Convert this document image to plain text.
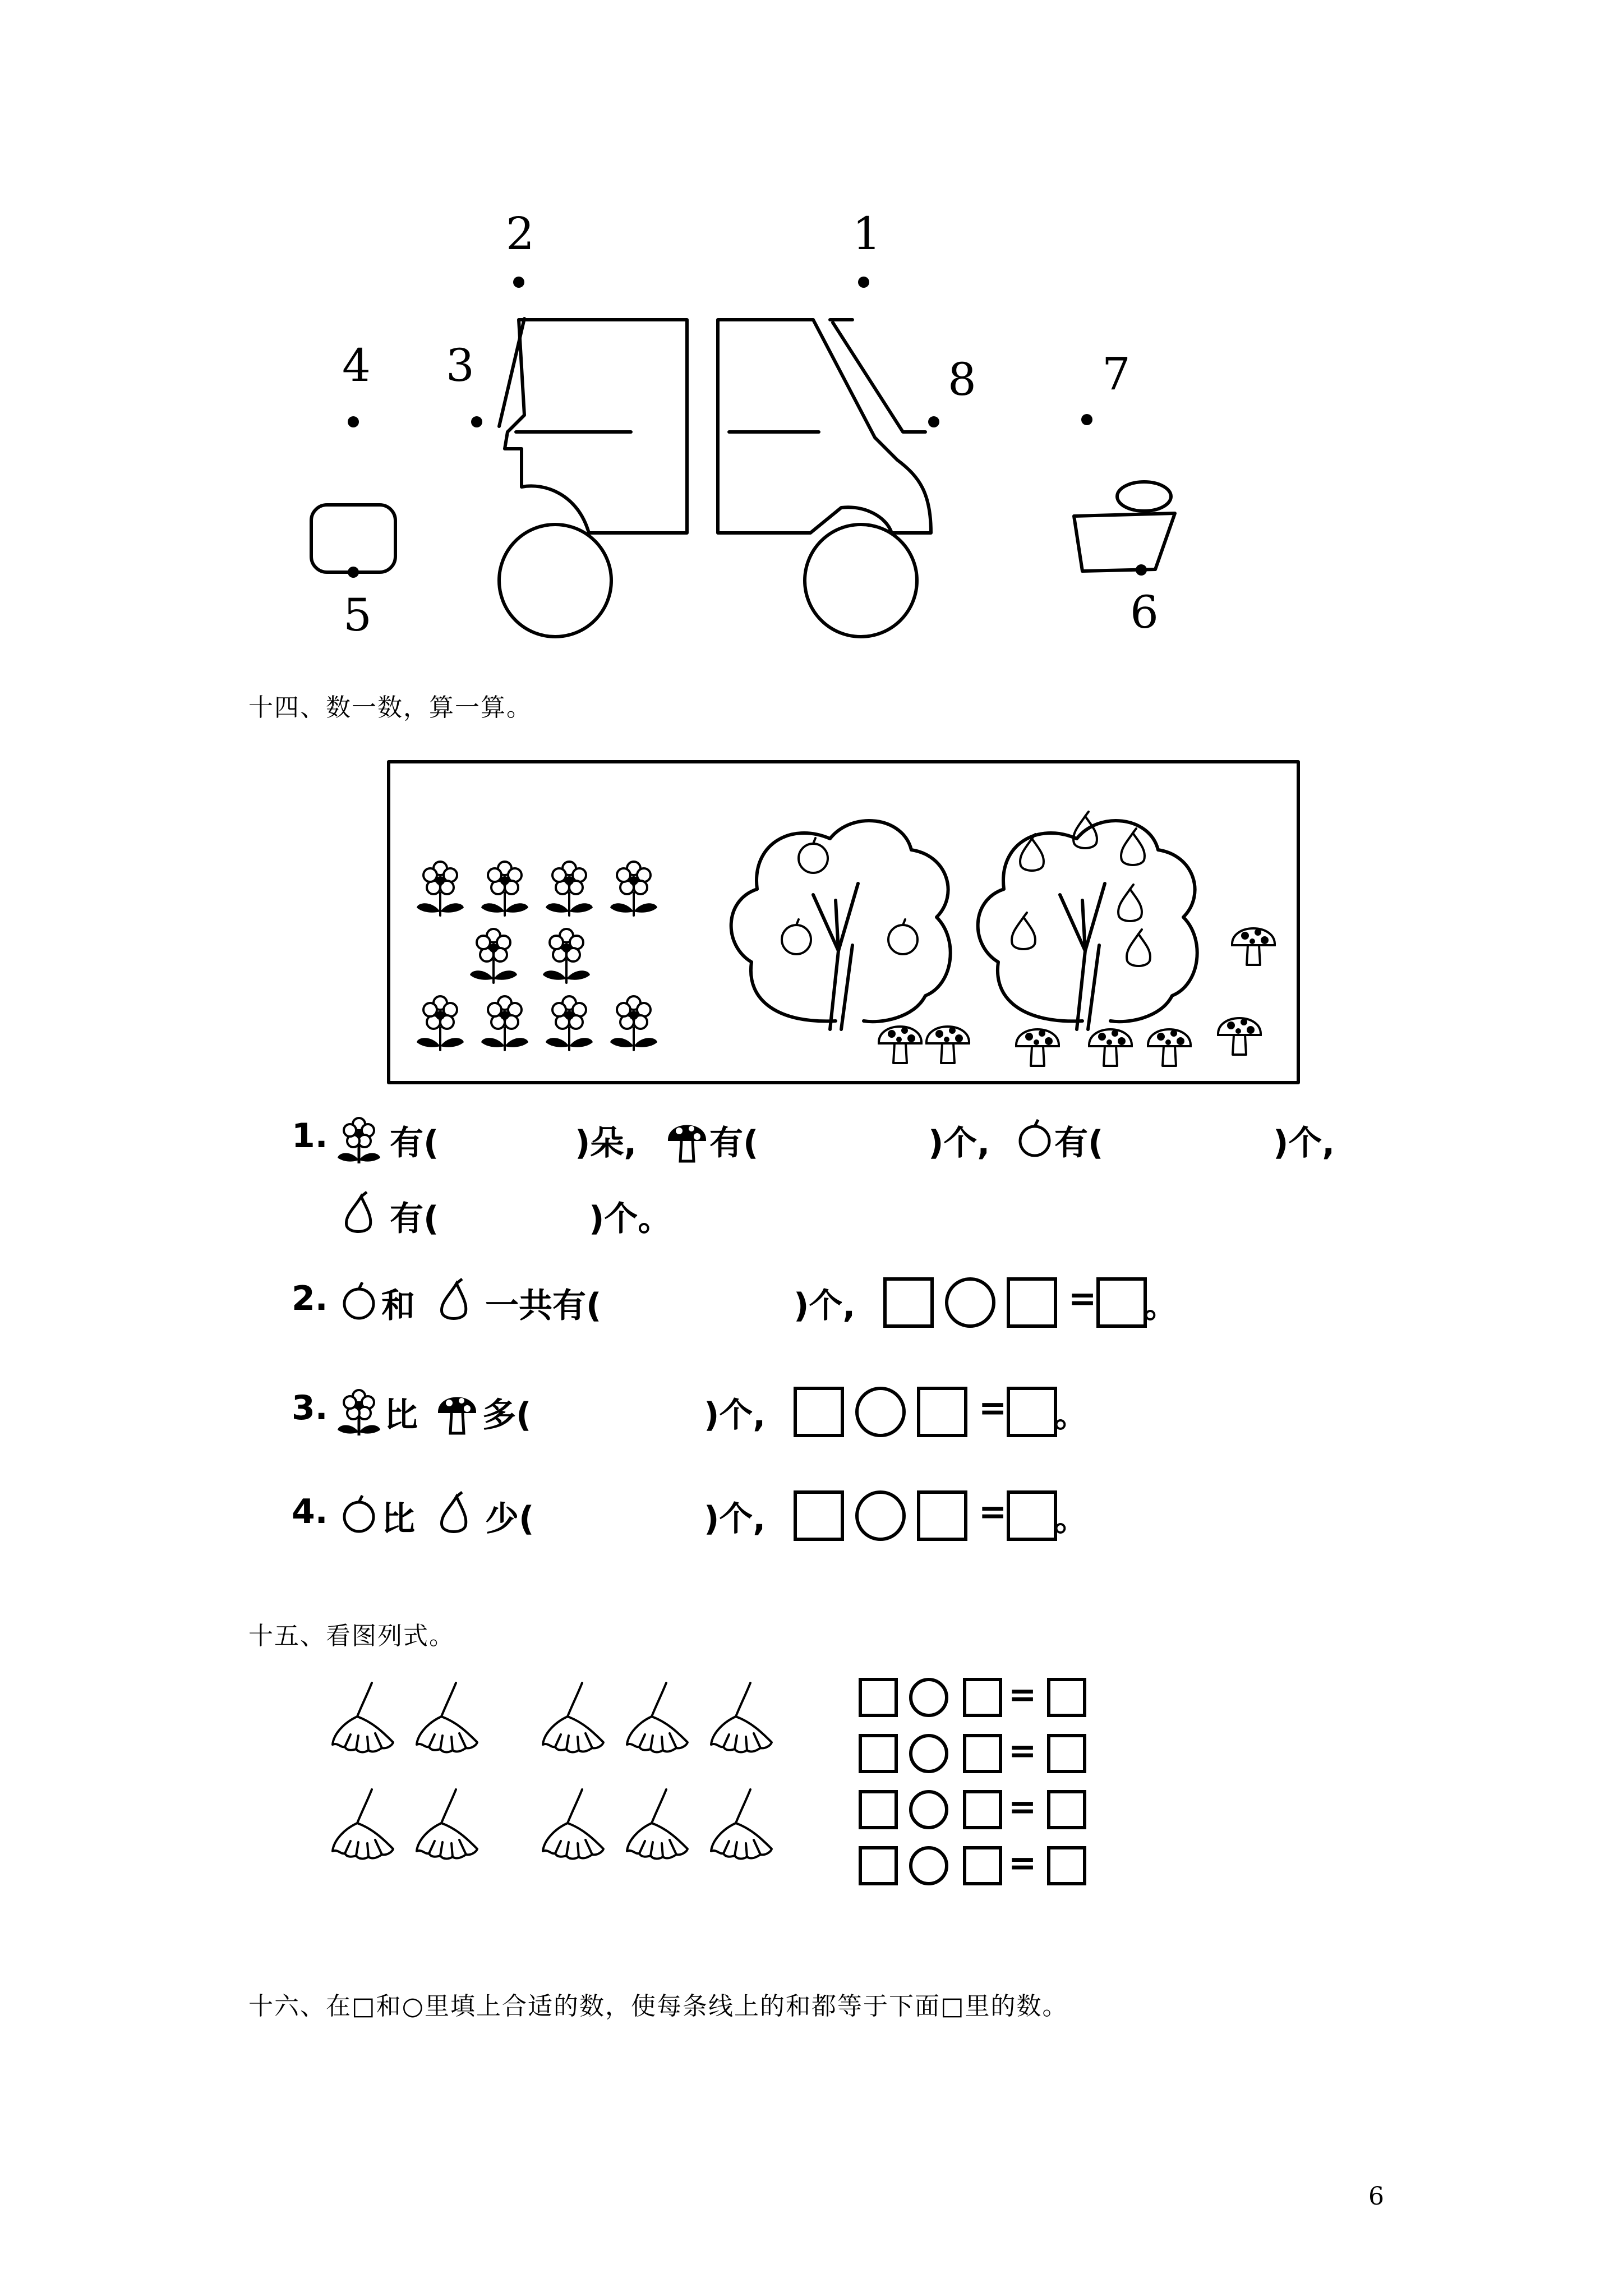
1
2
3
4
5	6
7
8
十四、数一数，算一算。
1. 有(	)朵, 有(	)个, 有(	)个,
有(	)个。
2. 和 一共有(	)个,	= 。
3. 比 多(	)个,	= 。
4. 比 少(	)个,	= 。
十五、看图列式。
=
=
=
=
十六、在□和○里填上合适的数，使每条线上的和都等于下面□里的数。
6
